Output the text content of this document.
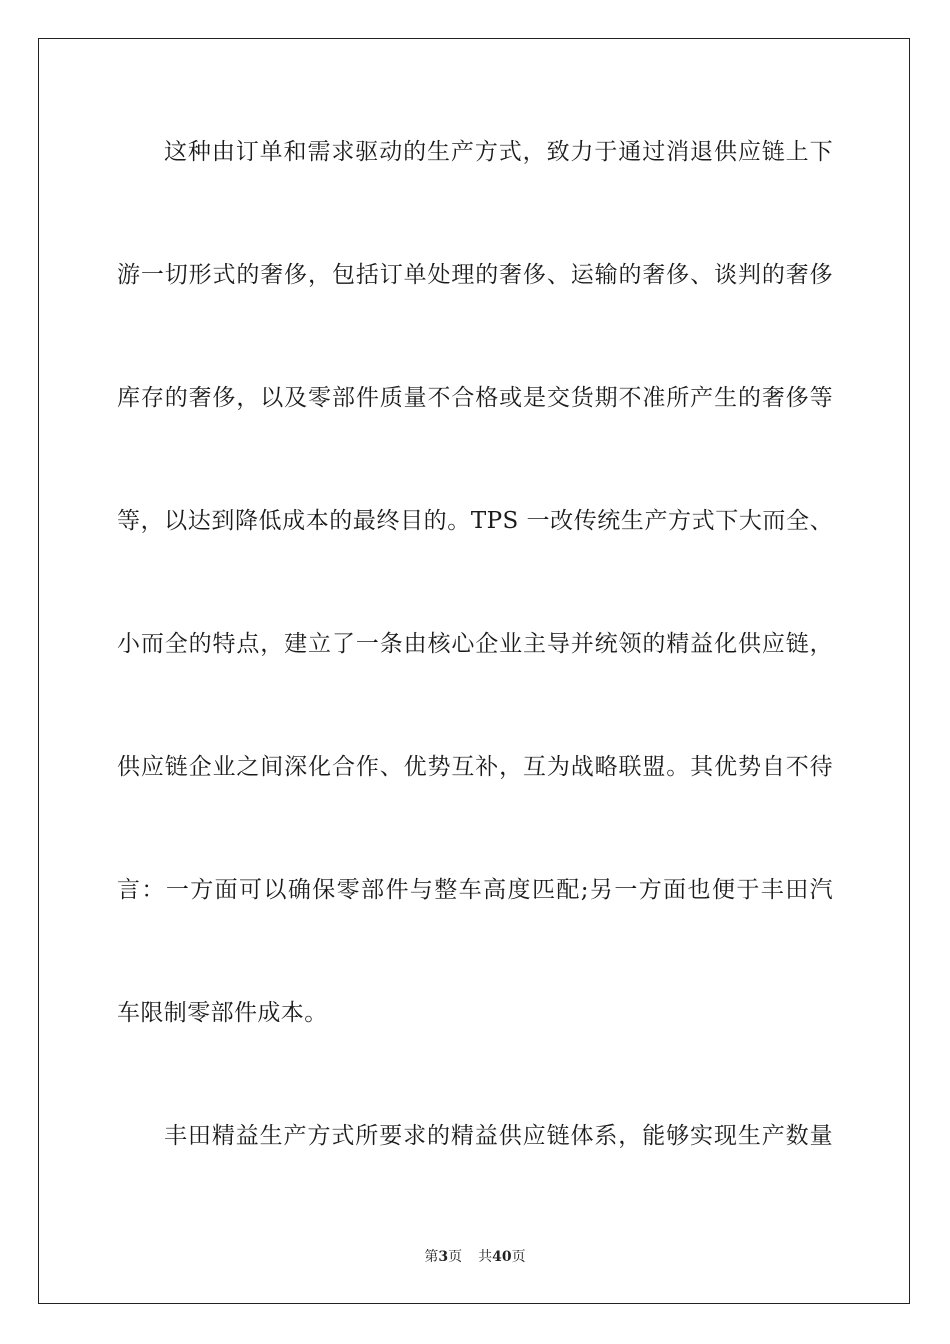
这种由订单和需求驱动的生产方式，致力于通过消退供应链上下
游一切形式的奢侈，包括订单处理的奢侈、运输的奢侈、谈判的奢侈
库存的奢侈，以及零部件质量不合格或是交货期不准所产生的奢侈等
等，以达到降低成本的最终目的。TPS 一改传统生产方式下大而全、
小而全的特点，建立了一条由核心企业主导并统领的精益化供应链，
供应链企业之间深化合作、优势互补，互为战略联盟。其优势自不待
言：一方面可以确保零部件与整车高度匹配;另一方面也便于丰田汽
车限制零部件成本。
丰田精益生产方式所要求的精益供应链体系，能够实现生产数量
第3页 共40页
